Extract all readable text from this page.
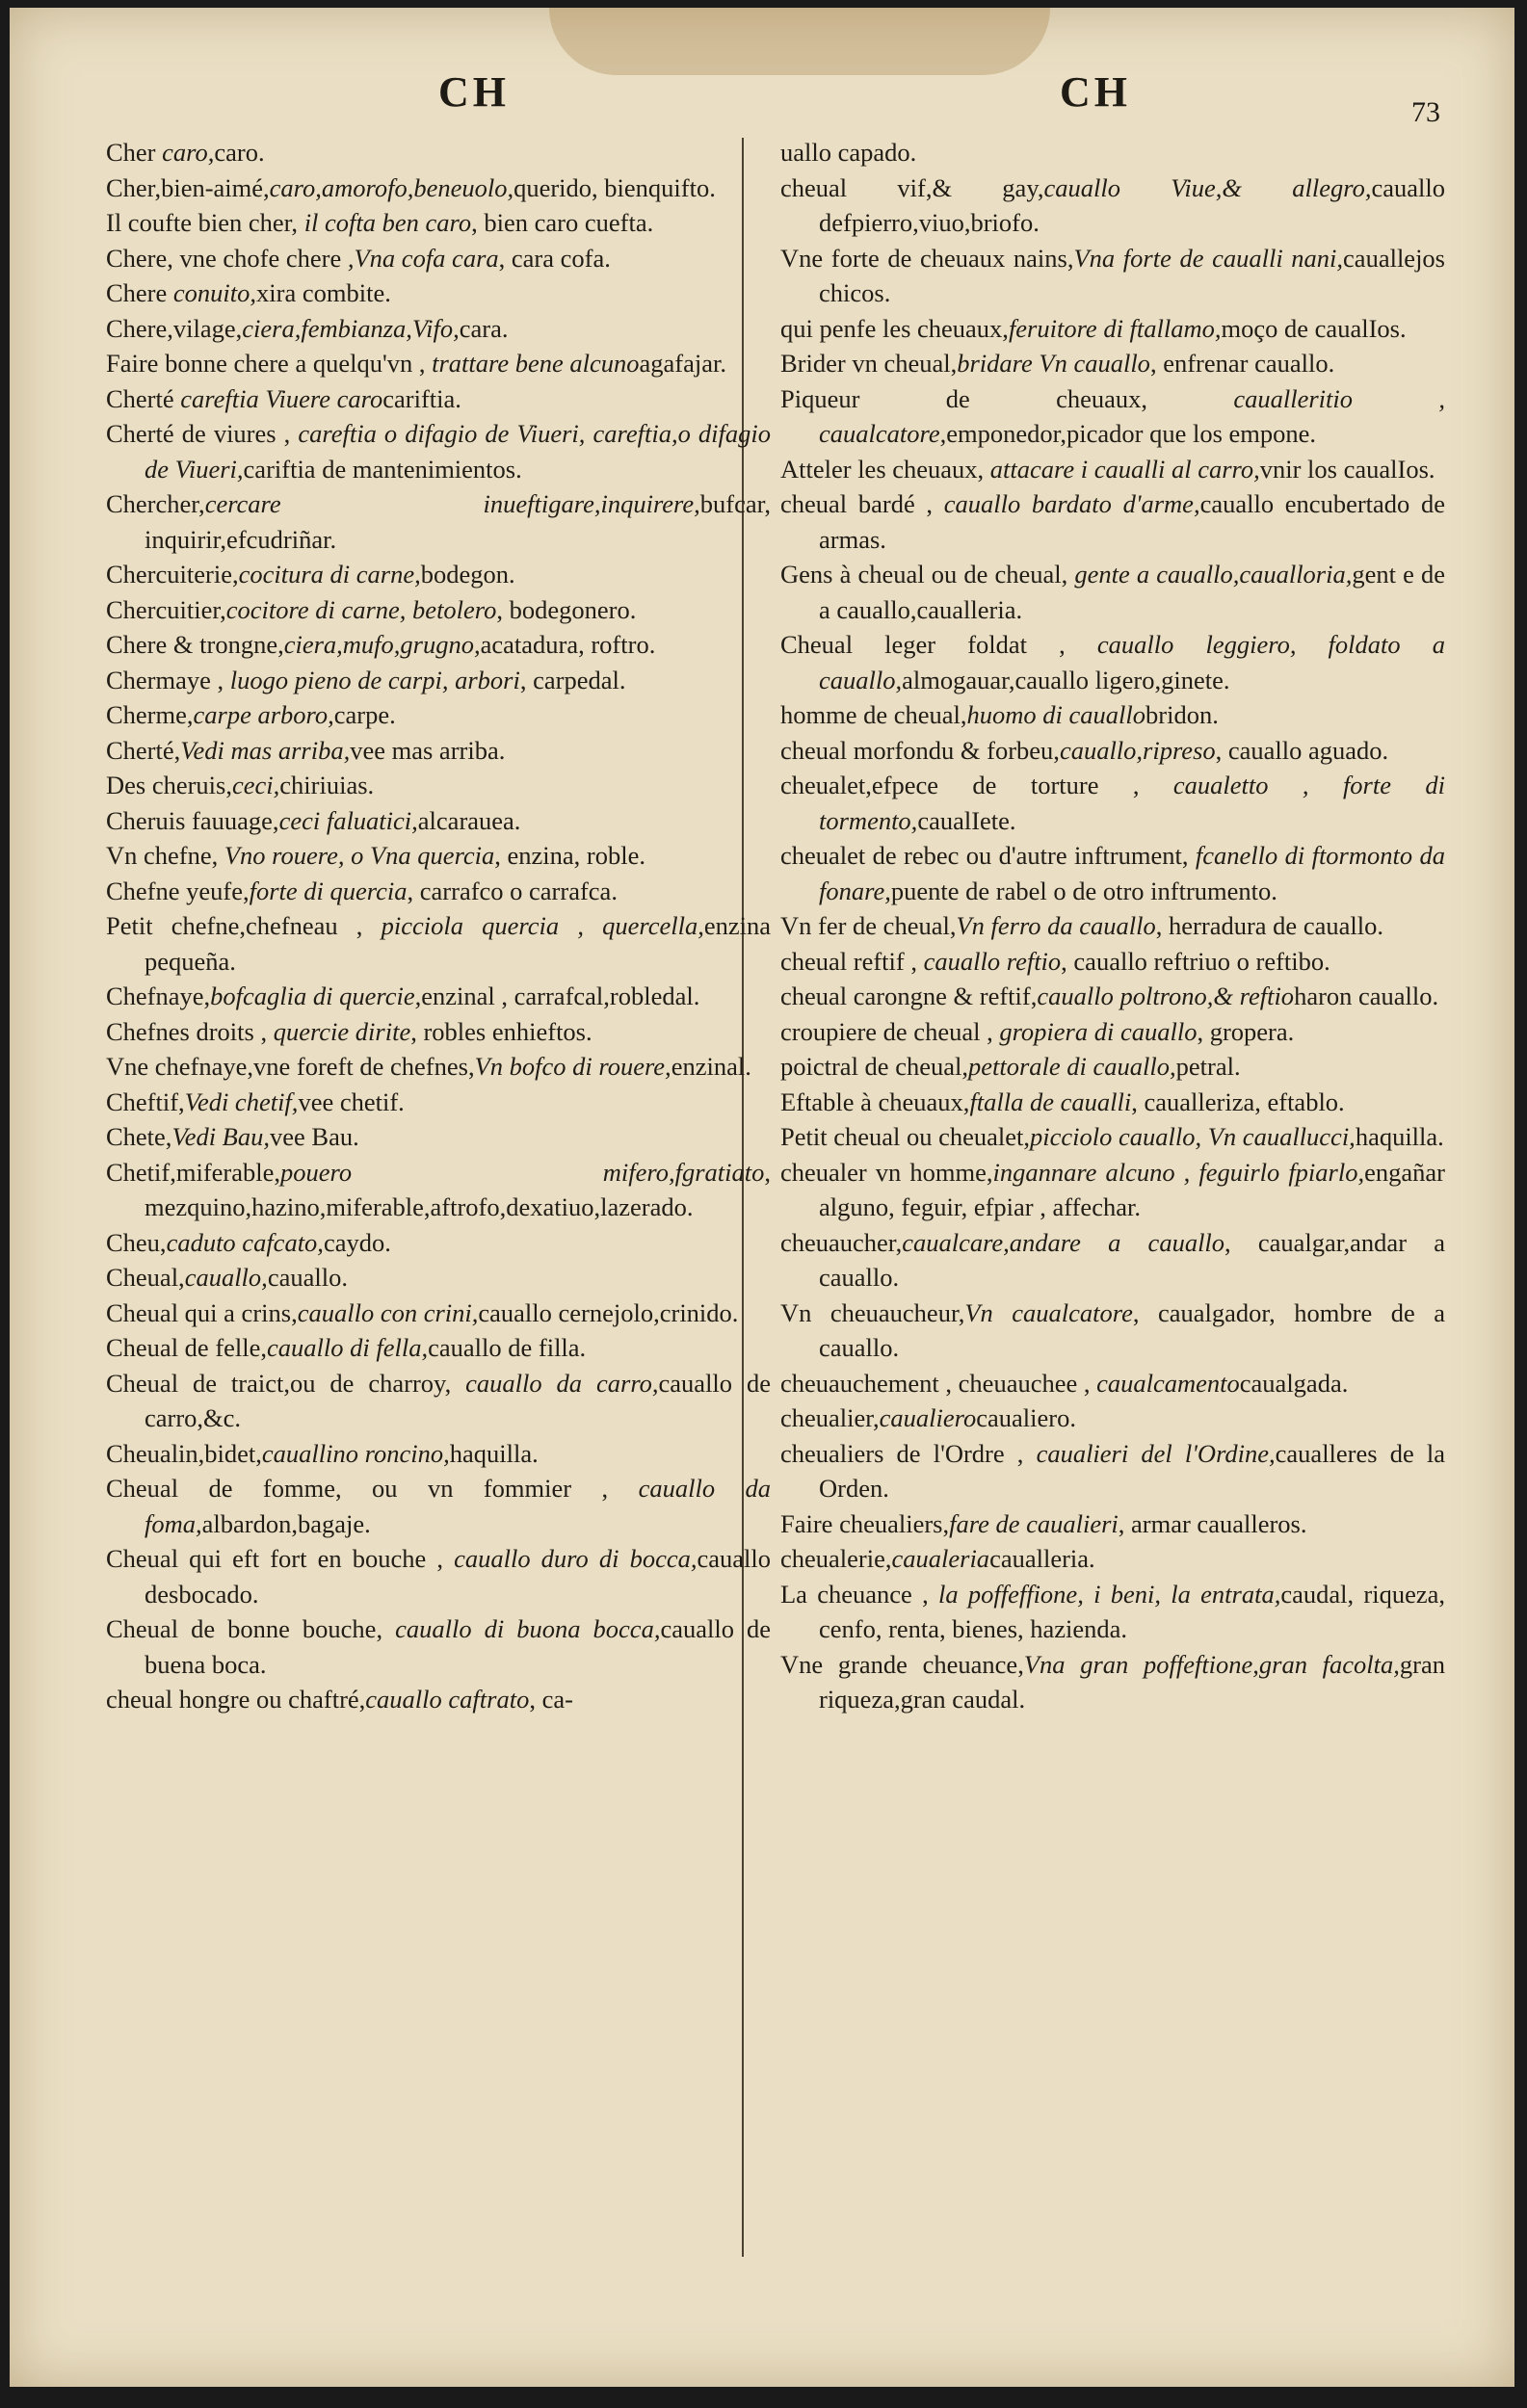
CH	CH	73
Cher caro,caro.
Cher,bien-aimé,caro,amorofo,beneuolo,querido, bienquifto.
Il coufte bien cher, il cofta ben caro, bien caro cuefta.
Chere, vne chofe chere ,Vna cofa cara, cara cofa.
Chere conuito,xira combite.
Chere,vilage,ciera,fembianza,Vifo,cara.
Faire bonne chere a quelqu'vn , trattare bene alcunoagafajar.
Cherté careftia Viuere carocariftia.
Cherté de viures , careftia o difagio de Viueri, careftia,o difagio de Viueri,cariftia de mantenimientos.
Chercher,cercare inueftigare,inquirere,bufcar, inquirir,efcudriñar.
Chercuiterie,cocitura di carne,bodegon.
Chercuitier,cocitore di carne, betolero, bodegonero.
Chere & trongne,ciera,mufo,grugno,acatadura, roftro.
Chermaye , luogo pieno de carpi, arbori, carpedal.
Cherme,carpe arboro,carpe.
Cherté,Vedi mas arriba,vee mas arriba.
Des cheruis,ceci,chiriuias.
Cheruis fauuage,ceci faluatici,alcarauea.
Vn chefne, Vno rouere, o Vna quercia, enzina, roble.
Chefne yeufe,forte di quercia, carrafco o carrafca.
Petit chefne,chefneau , picciola quercia , quercella,enzina pequeña.
Chefnaye,bofcaglia di quercie,enzinal , carrafcal,robledal.
Chefnes droits , quercie dirite, robles enhieftos.
Vne chefnaye,vne foreft de chefnes,Vn bofco di rouere,enzinal.
Cheftif,Vedi chetif,vee chetif.
Chete,Vedi Bau,vee Bau.
Chetif,miferable,pouero mifero,fgratiato, mezquino,hazino,miferable,aftrofo,dexatiuo,lazerado.
Cheu,caduto cafcato,caydo.
Cheual,cauallo,cauallo.
Cheual qui a crins,cauallo con crini,cauallo cernejolo,crinido.
Cheual de felle,cauallo di fella,cauallo de filla.
Cheual de traict,ou de charroy, cauallo da carro,cauallo de carro,&c.
Cheualin,bidet,cauallino roncino,haquilla.
Cheual de fomme, ou vn fommier , cauallo da foma,albardon,bagaje.
Cheual qui eft fort en bouche , cauallo duro di bocca,cauallo desbocado.
Cheual de bonne bouche, cauallo di buona bocca,cauallo de buena boca.
cheual hongre ou chaftré,cauallo caftrato, ca-
uallo capado.
cheual vif,& gay,cauallo Viue,& allegro,cauallo defpierro,viuo,briofo.
Vne forte de cheuaux nains,Vna forte de caualli nani,cauallejos chicos.
qui penfe les cheuaux,feruitore di ftallamo,moço de caualIos.
Brider vn cheual,bridare Vn cauallo, enfrenar cauallo.
Piqueur de cheuaux, caualleritio , caualcatore,emponedor,picador que los empone.
Atteler les cheuaux, attacare i caualli al carro,vnir los caualIos.
cheual bardé , cauallo bardato d'arme,cauallo encubertado de armas.
Gens à cheual ou de cheual, gente a cauallo,caualloria,gent e de a cauallo,caualleria.
Cheual leger foldat , cauallo leggiero, foldato a cauallo,almogauar,cauallo ligero,ginete.
homme de cheual,huomo di cauallobridon.
cheual morfondu & forbeu,cauallo,ripreso, cauallo aguado.
cheualet,efpece de torture , caualetto , forte di tormento,caualIete.
cheualet de rebec ou d'autre inftrument, fcanello di ftormonto da fonare,puente de rabel o de otro inftrumento.
Vn fer de cheual,Vn ferro da cauallo, herradura de cauallo.
cheual reftif , cauallo reftio, cauallo reftriuo o reftibo.
cheual carongne & reftif,cauallo poltrono,& reftioharon cauallo.
croupiere de cheual , gropiera di cauallo, gropera.
poictral de cheual,pettorale di cauallo,petral.
Eftable à cheuaux,ftalla de caualli, caualleriza, eftablo.
Petit cheual ou cheualet,picciolo cauallo, Vn cauallucci,haquilla.
cheualer vn homme,ingannare alcuno , feguirlo fpiarlo,engañar alguno, feguir, efpiar , affechar.
cheuaucher,caualcare,andare a cauallo, caualgar,andar a cauallo.
Vn cheuaucheur,Vn caualcatore, caualgador, hombre de a cauallo.
cheuauchement , cheuauchee , caualcamentocaualgada.
cheualier,caualierocaualiero.
cheualiers de l'Ordre , caualieri del l'Ordine,caualleres de la Orden.
Faire cheualiers,fare de caualieri, armar caualleros.
cheualerie,caualeriacaualleria.
La cheuance , la poffeffione, i beni, la entrata,caudal, riqueza, cenfo, renta, bienes, hazienda.
Vne grande cheuance,Vna gran poffeftione,gran facolta,gran riqueza,gran caudal.
